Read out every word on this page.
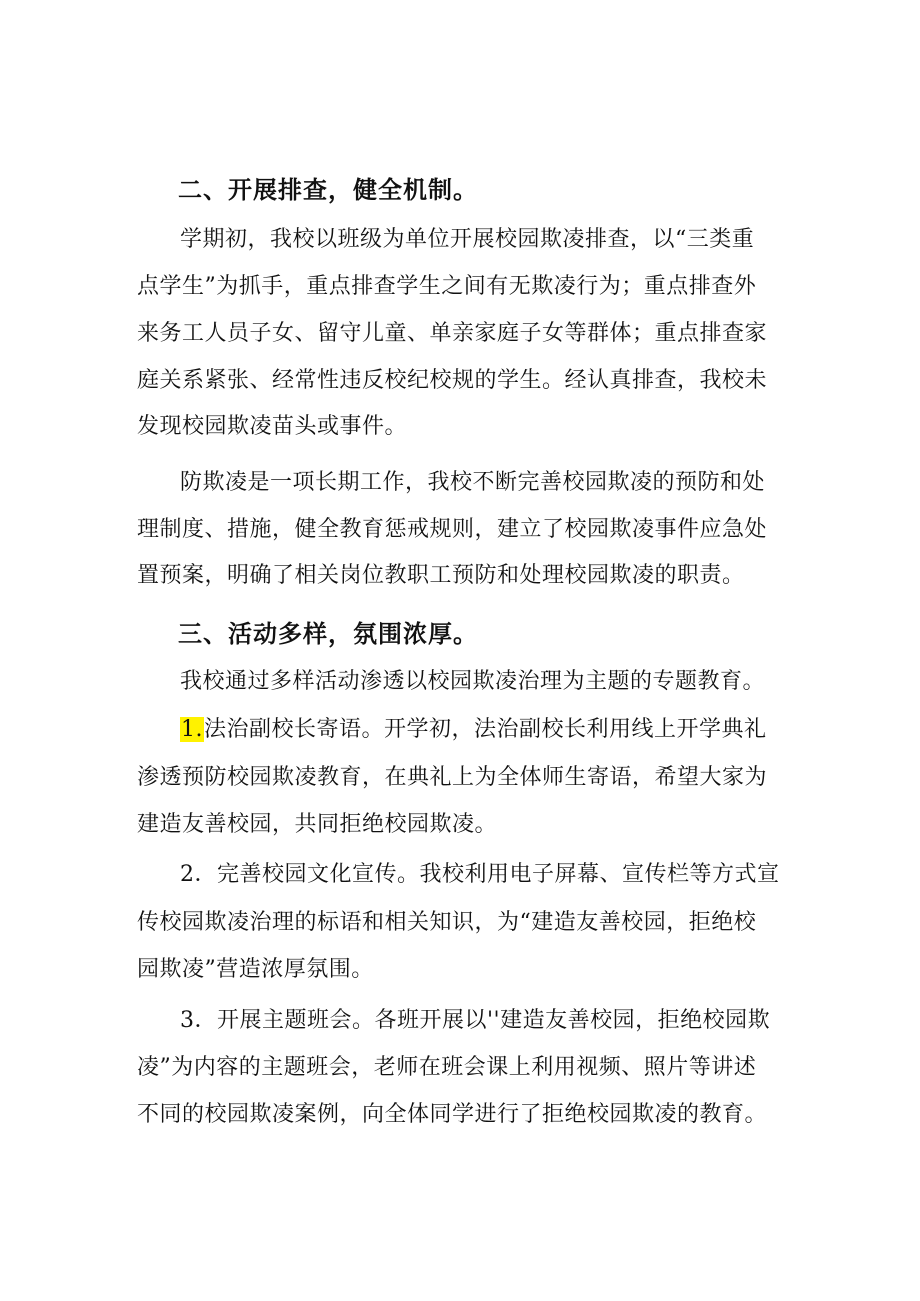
二、开展排查，健全机制。
学期初，我校以班级为单位开展校园欺凌排查，以“三类重
点学生”为抓手，重点排查学生之间有无欺凌行为；重点排查外
来务工人员子女、留守儿童、单亲家庭子女等群体；重点排查家
庭关系紧张、经常性违反校纪校规的学生。经认真排查，我校未
发现校园欺凌苗头或事件。
防欺凌是一项长期工作，我校不断完善校园欺凌的预防和处
理制度、措施，健全教育惩戒规则，建立了校园欺凌事件应急处
置预案，明确了相关岗位教职工预防和处理校园欺凌的职责。
三、活动多样，氛围浓厚。
我校通过多样活动渗透以校园欺凌治理为主题的专题教育。
1.法治副校长寄语。开学初，法治副校长利用线上开学典礼
渗透预防校园欺凌教育，在典礼上为全体师生寄语，希望大家为
建造友善校园，共同拒绝校园欺凌。
2．完善校园文化宣传。我校利用电子屏幕、宣传栏等方式宣
传校园欺凌治理的标语和相关知识，为“建造友善校园，拒绝校
园欺凌”营造浓厚氛围。
3．开展主题班会。各班开展以''建造友善校园，拒绝校园欺
凌”为内容的主题班会，老师在班会课上利用视频、照片等讲述
不同的校园欺凌案例，向全体同学进行了拒绝校园欺凌的教育。
